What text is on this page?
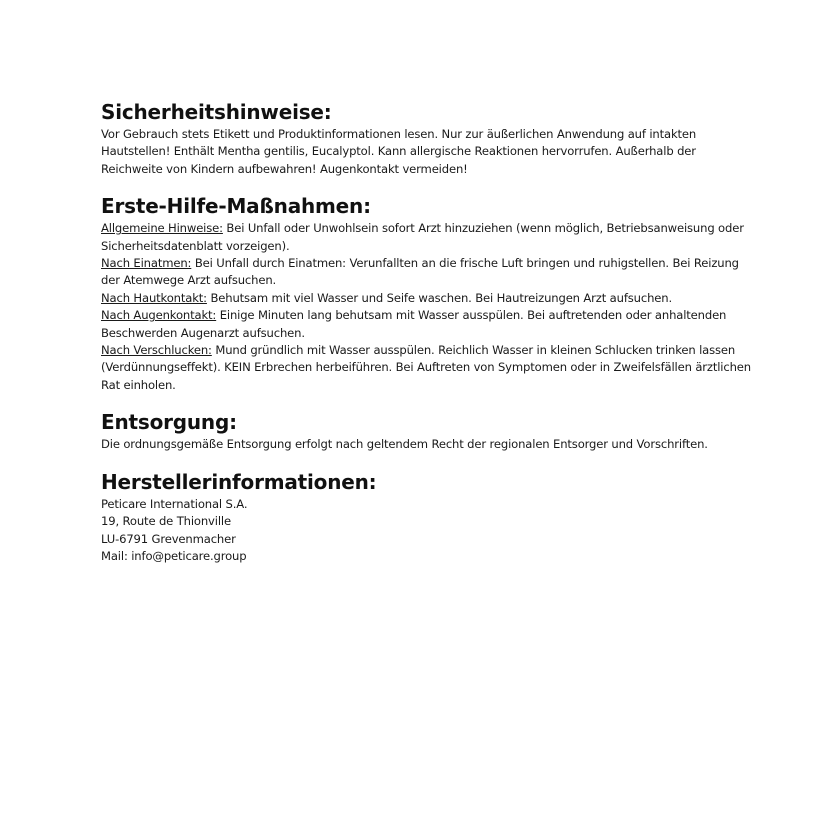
Sicherheitshinweise:

Vor Gebrauch stets Etikett und Produktinformationen lesen. Nur zur äußerlichen Anwendung auf intakten Hautstellen! Enthält Mentha gentilis, Eucalyptol. Kann allergische Reaktionen hervorrufen. Außerhalb der Reichweite von Kindern aufbewahren! Augenkontakt vermeiden!

Erste-Hilfe-Maßnahmen:

Allgemeine Hinweise: Bei Unfall oder Unwohlsein sofort Arzt hinzuziehen (wenn möglich, Betriebsanweisung oder Sicherheitsdatenblatt vorzeigen).

Nach Einatmen: Bei Unfall durch Einatmen: Verunfallten an die frische Luft bringen und ruhigstellen. Bei Reizung der Atemwege Arzt aufsuchen.

Nach Hautkontakt: Behutsam mit viel Wasser und Seife waschen. Bei Hautreizungen Arzt aufsuchen.

Nach Augenkontakt: Einige Minuten lang behutsam mit Wasser ausspülen. Bei auftretenden oder anhaltenden Beschwerden Augenarzt aufsuchen.

Nach Verschlucken: Mund gründlich mit Wasser ausspülen. Reichlich Wasser in kleinen Schlucken trinken lassen (Verdünnungseffekt). KEIN Erbrechen herbeiführen. Bei Auftreten von Symptomen oder in Zweifelsfällen ärztlichen Rat einholen.

Entsorgung:

Die ordnungsgemäße Entsorgung erfolgt nach geltendem Recht der regionalen Entsorger und Vorschriften.

Herstellerinformationen:
Peticare International S.A.
19, Route de Thionville
LU-6791 Grevenmacher
Mail: info@peticare.group
